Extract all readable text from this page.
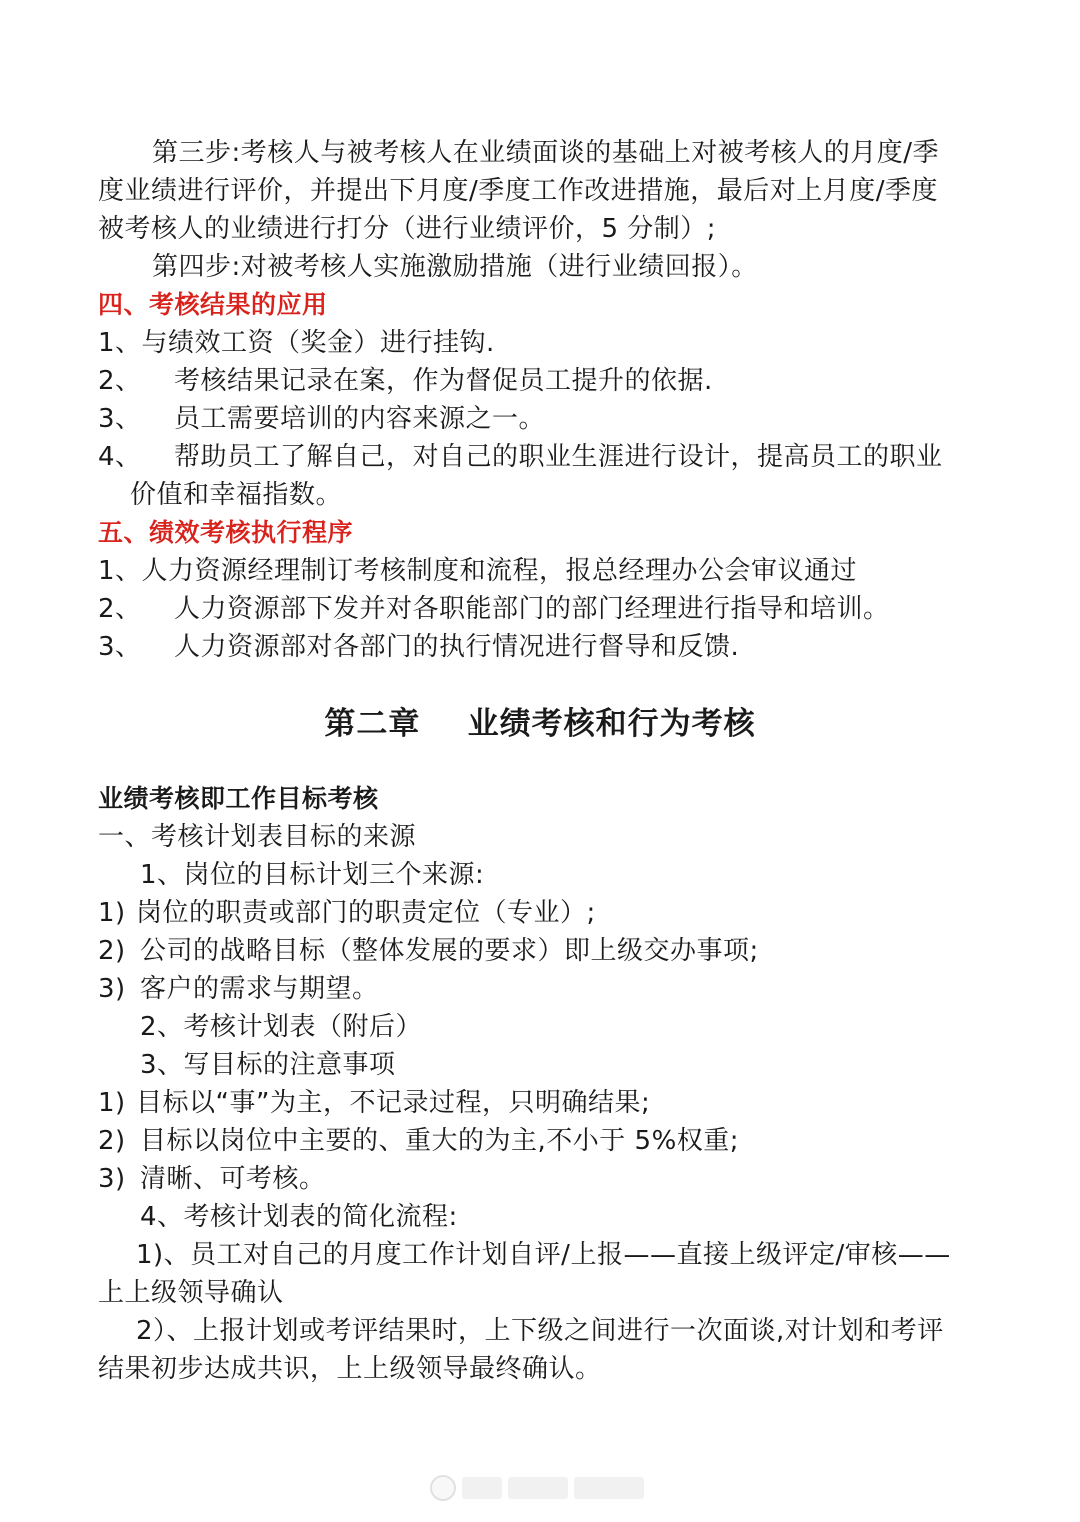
第三步:考核人与被考核人在业绩面谈的基础上对被考核人的月度/季
度业绩进行评价，并提出下月度/季度工作改进措施，最后对上月度/季度
被考核人的业绩进行打分（进行业绩评价，5 分制）;
第四步:对被考核人实施激励措施（进行业绩回报）。
四、考核结果的应用
1、与绩效工资（奖金）进行挂钩.
2、 考核结果记录在案，作为督促员工提升的依据.
3、 员工需要培训的内容来源之一。
4、 帮助员工了解自己，对自己的职业生涯进行设计，提高员工的职业
价值和幸福指数。
五、绩效考核执行程序
1、人力资源经理制订考核制度和流程，报总经理办公会审议通过
2、 人力资源部下发并对各职能部门的部门经理进行指导和培训。
3、 人力资源部对各部门的执行情况进行督导和反馈.
第二章    业绩考核和行为考核
业绩考核即工作目标考核
一、考核计划表目标的来源
1、岗位的目标计划三个来源:
1) 岗位的职责或部门的职责定位（专业）;
2) 公司的战略目标（整体发展的要求）即上级交办事项;
3) 客户的需求与期望。
2、考核计划表（附后）
3、写目标的注意事项
1) 目标以“事”为主，不记录过程，只明确结果;
2) 目标以岗位中主要的、重大的为主,不小于 5%权重;
3) 清晰、可考核。
4、考核计划表的简化流程:
1)、员工对自己的月度工作计划自评/上报——直接上级评定/审核——
上上级领导确认
2）、上报计划或考评结果时，上下级之间进行一次面谈,对计划和考评
结果初步达成共识，上上级领导最终确认。
